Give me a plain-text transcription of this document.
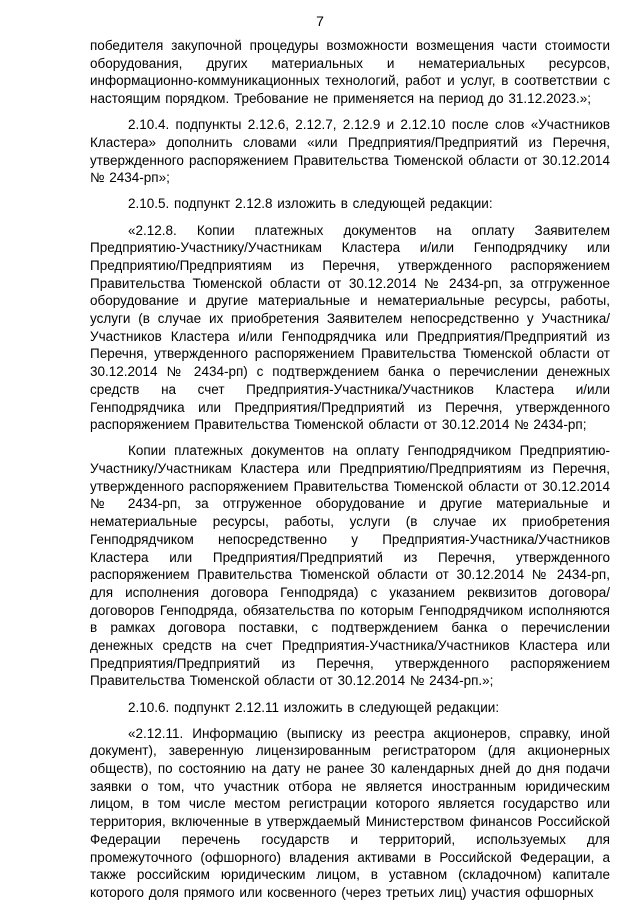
7

победителя закупочной процедуры возможности возмещения части стоимости оборудования, других материальных и нематериальных ресурсов, информационно-коммуникационных технологий, работ и услуг, в соответствии с настоящим порядком. Требование не применяется на период до 31.12.2023.»;

2.10.4. подпункты 2.12.6, 2.12.7, 2.12.9 и 2.12.10 после слов «Участников Кластера» дополнить словами «или Предприятия/Предприятий из Перечня, утвержденного распоряжением Правительства Тюменской области от 30.12.2014 № 2434-рп»;

2.10.5. подпункт 2.12.8 изложить в следующей редакции:

«2.12.8. Копии платежных документов на оплату Заявителем Предприятию-Участнику/Участникам Кластера и/или Генподрядчику или Предприятию/Предприятиям из Перечня, утвержденного распоряжением Правительства Тюменской области от 30.12.2014 № 2434-рп, за отгруженное оборудование и другие материальные и нематериальные ресурсы, работы, услуги (в случае их приобретения Заявителем непосредственно у Участника/Участников Кластера и/или Генподрядчика или Предприятия/Предприятий из Перечня, утвержденного распоряжением Правительства Тюменской области от 30.12.2014 № 2434-рп) с подтверждением банка о перечислении денежных средств на счет Предприятия-Участника/Участников Кластера и/или Генподрядчика или Предприятия/Предприятий из Перечня, утвержденного распоряжением Правительства Тюменской области от 30.12.2014 № 2434-рп;

Копии платежных документов на оплату Генподрядчиком Предприятию-Участнику/Участникам Кластера или Предприятию/Предприятиям из Перечня, утвержденного распоряжением Правительства Тюменской области от 30.12.2014 № 2434-рп, за отгруженное оборудование и другие материальные и нематериальные ресурсы, работы, услуги (в случае их приобретения Генподрядчиком непосредственно у Предприятия-Участника/Участников Кластера или Предприятия/Предприятий из Перечня, утвержденного распоряжением Правительства Тюменской области от 30.12.2014 № 2434-рп, для исполнения договора Генподряда) с указанием реквизитов договора/договоров Генподряда, обязательства по которым Генподрядчиком исполняются в рамках договора поставки, с подтверждением банка о перечислении денежных средств на счет Предприятия-Участника/Участников Кластера или Предприятия/Предприятий из Перечня, утвержденного распоряжением Правительства Тюменской области от 30.12.2014 № 2434-рп.»;

2.10.6. подпункт 2.12.11 изложить в следующей редакции:

«2.12.11. Информацию (выписку из реестра акционеров, справку, иной документ), заверенную лицензированным регистратором (для акционерных обществ), по состоянию на дату не ранее 30 календарных дней до дня подачи заявки о том, что участник отбора не является иностранным юридическим лицом, в том числе местом регистрации которого является государство или территория, включенные в утверждаемый Министерством финансов Российской Федерации перечень государств и территорий, используемых для промежуточного (офшорного) владения активами в Российской Федерации, а также российским юридическим лицом, в уставном (складочном) капитале которого доля прямого или косвенного (через третьих лиц) участия офшорных
